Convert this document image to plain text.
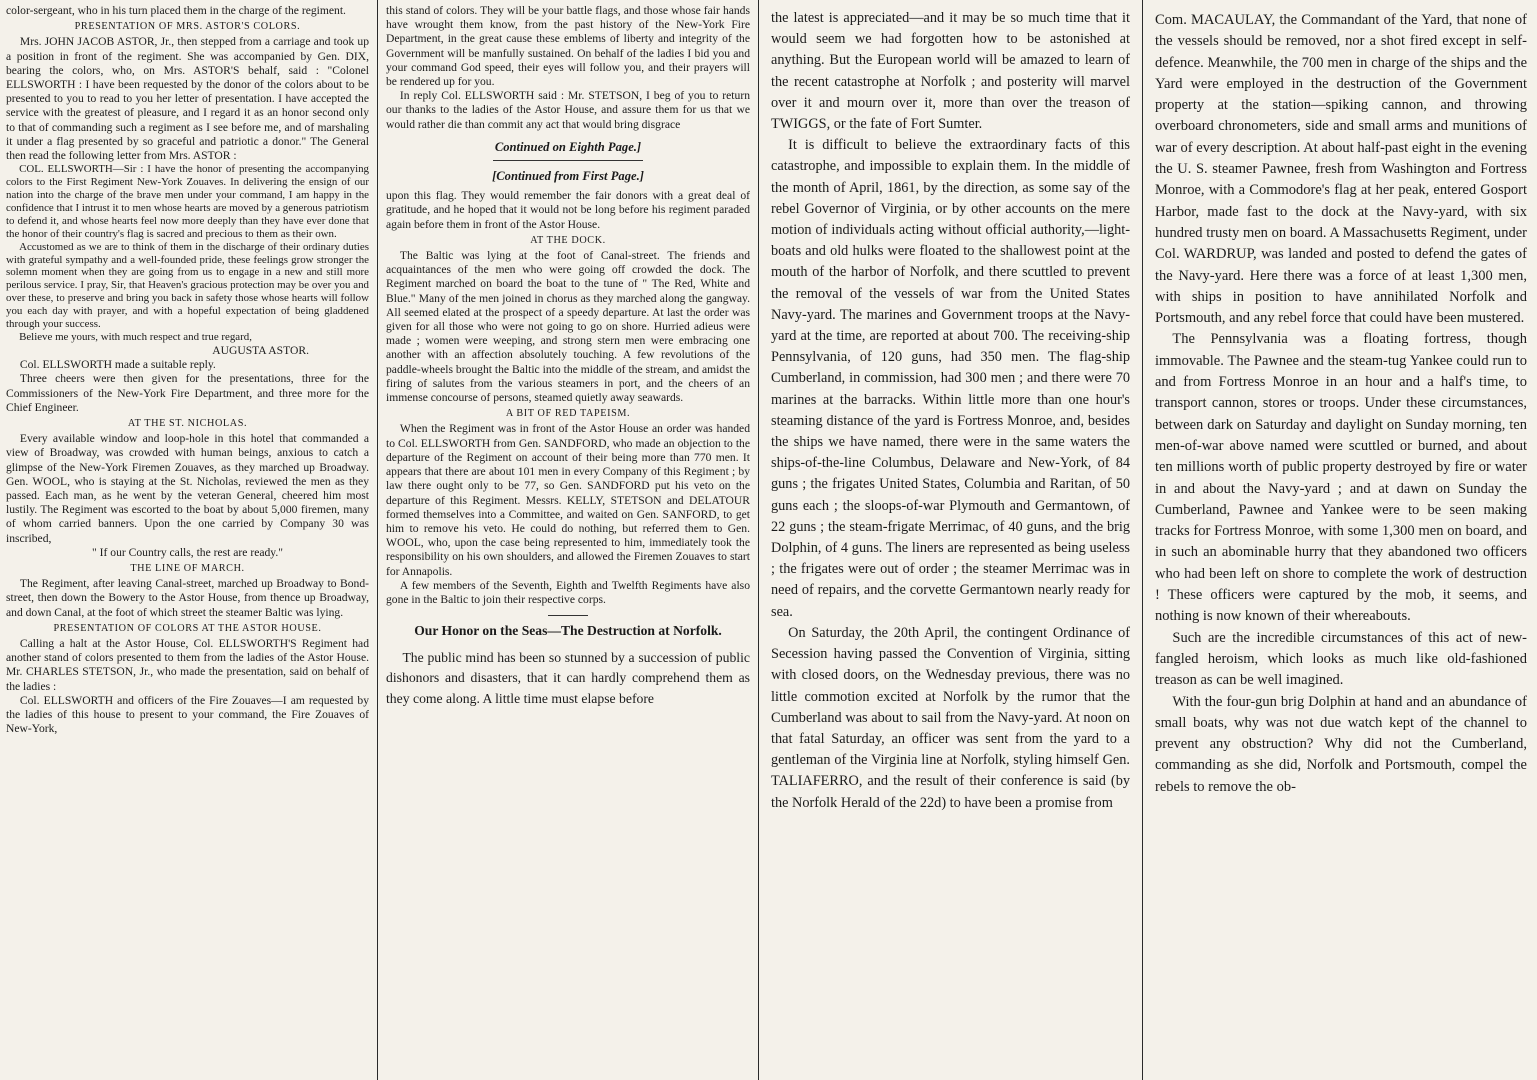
color-sergeant, who in his turn placed them in the charge of the regiment.

PRESENTATION OF MRS. ASTOR'S COLORS.

Mrs. JOHN JACOB ASTOR, Jr., then stepped from a carriage and took up a position in front of the regiment. She was accompanied by Gen. DIX, bearing the colors, who, on Mrs. ASTOR'S behalf, said : "Colonel ELLSWORTH : I have been requested by the donor of the colors about to be presented to you to read to you her letter of presentation. I have accepted the service with the greatest of pleasure, and I regard it as an honor second only to that of commanding such a regiment as I see before me, and of marshaling it under a flag presented by so graceful and patriotic a donor." The General then read the following letter from Mrs. ASTOR :

COL. ELLSWORTH—Sir : I have the honor of presenting the accompanying colors to the First Regiment New-York Zouaves. In delivering the ensign of our nation into the charge of the brave men under your command, I am happy in the confidence that I intrust it to men whose hearts are moved by a generous patriotism to defend it, and whose hearts feel now more deeply than they have ever done that the honor of their country's flag is sacred and precious to them as their own.

Accustomed as we are to think of them in the discharge of their ordinary duties with grateful sympathy and a well-founded pride, these feelings grow stronger the solemn moment when they are going from us to engage in a new and still more perilous service. I pray, Sir, that Heaven's gracious protection may be over you and over these, to preserve and bring you back in safety those whose hearts will follow you each day with prayer, and with a hopeful expectation of being gladdened through your success.

Believe me yours, with much respect and true regard,

AUGUSTA ASTOR.

Col. ELLSWORTH made a suitable reply.

Three cheers were then given for the presentations, three for the Commissioners of the New-York Fire Department, and three more for the Chief Engineer.

AT THE ST. NICHOLAS.

Every available window and loop-hole in this hotel that commanded a view of Broadway, was crowded with human beings, anxious to catch a glimpse of the New-York Firemen Zouaves, as they marched up Broadway. Gen. WOOL, who is staying at the St. Nicholas, reviewed the men as they passed. Each man, as he went by the veteran General, cheered him most lustily. The Regiment was escorted to the boat by about 5,000 firemen, many of whom carried banners. Upon the one carried by Company 30 was inscribed,

" If our Country calls, the rest are ready."

THE LINE OF MARCH.

The Regiment, after leaving Canal-street, marched up Broadway to Bond-street, then down the Bowery to the Astor House, from thence up Broadway, and down Canal, at the foot of which street the steamer Baltic was lying.

PRESENTATION OF COLORS AT THE ASTOR HOUSE.

Calling a halt at the Astor House, Col. ELLSWORTH'S Regiment had another stand of colors presented to them from the ladies of the Astor House. Mr. CHARLES STETSON, Jr., who made the presentation, said on behalf of the ladies :

Col. ELLSWORTH and officers of the Fire Zouaves—I am requested by the ladies of this house to present to your command, the Fire Zouaves of New-York,

this stand of colors. They will be your battle flags, and those whose fair hands have wrought them know, from the past history of the New-York Fire Department, in the great cause these emblems of liberty and integrity of the Government will be manfully sustained. On behalf of the ladies I bid you and your command God speed, their eyes will follow you, and their prayers will be rendered up for you.

In reply Col. ELLSWORTH said : Mr. STETSON, I beg of you to return our thanks to the ladies of the Astor House, and assure them for us that we would rather die than commit any act that would bring disgrace

Continued on Eighth Page.]

[Continued from First Page.]

upon this flag. They would remember the fair donors with a great deal of gratitude, and he hoped that it would not be long before his regiment paraded again before them in front of the Astor House.

AT THE DOCK.

The Baltic was lying at the foot of Canal-street. The friends and acquaintances of the men who were going off crowded the dock. The Regiment marched on board the boat to the tune of " The Red, White and Blue." Many of the men joined in chorus as they marched along the gangway. All seemed elated at the prospect of a speedy departure. At last the order was given for all those who were not going to go on shore. Hurried adieus were made ; women were weeping, and strong stern men were embracing one another with an affection absolutely touching. A few revolutions of the paddle-wheels brought the Baltic into the middle of the stream, and amidst the firing of salutes from the various steamers in port, and the cheers of an immense concourse of persons, steamed quietly away seawards.

A BIT OF RED TAPEISM.

When the Regiment was in front of the Astor House an order was handed to Col. ELLSWORTH from Gen. SANDFORD, who made an objection to the departure of the Regiment on account of their being more than 770 men. It appears that there are about 101 men in every Company of this Regiment ; by law there ought only to be 77, so Gen. SANDFORD put his veto on the departure of this Regiment. Messrs. KELLY, STETSON and DELATOUR formed themselves into a Committee, and waited on Gen. SANFORD, to get him to remove his veto. He could do nothing, but referred them to Gen. WOOL, who, upon the case being represented to him, immediately took the responsibility on his own shoulders, and allowed the Firemen Zouaves to start for Annapolis.

A few members of the Seventh, Eighth and Twelfth Regiments have also gone in the Baltic to join their respective corps.

Our Honor on the Seas—The Destruction at Norfolk.

The public mind has been so stunned by a succession of public dishonors and disasters, that it can hardly comprehend them as they come along. A little time must elapse before

the latest is appreciated—and it may be so much time that it would seem we had forgotten how to be astonished at anything. But the European world will be amazed to learn of the recent catastrophe at Norfolk ; and posterity will marvel over it and mourn over it, more than over the treason of TWIGGS, or the fate of Fort Sumter.

It is difficult to believe the extraordinary facts of this catastrophe, and impossible to explain them. In the middle of the month of April, 1861, by the direction, as some say of the rebel Governor of Virginia, or by other accounts on the mere motion of individuals acting without official authority,—light-boats and old hulks were floated to the shallowest point at the mouth of the harbor of Norfolk, and there scuttled to prevent the removal of the vessels of war from the United States Navy-yard. The marines and Government troops at the Navy-yard at the time, are reported at about 700. The receiving-ship Pennsylvania, of 120 guns, had 350 men. The flag-ship Cumberland, in commission, had 300 men ; and there were 70 marines at the barracks. Within little more than one hour's steaming distance of the yard is Fortress Monroe, and, besides the ships we have named, there were in the same waters the ships-of-the-line Columbus, Delaware and New-York, of 84 guns ; the frigates United States, Columbia and Raritan, of 50 guns each ; the sloops-of-war Plymouth and Germantown, of 22 guns ; the steam-frigate Merrimac, of 40 guns, and the brig Dolphin, of 4 guns. The liners are represented as being useless ; the frigates were out of order ; the steamer Merrimac was in need of repairs, and the corvette Germantown nearly ready for sea.

On Saturday, the 20th April, the contingent Ordinance of Secession having passed the Convention of Virginia, sitting with closed doors, on the Wednesday previous, there was no little commotion excited at Norfolk by the rumor that the Cumberland was about to sail from the Navy-yard. At noon on that fatal Saturday, an officer was sent from the yard to a gentleman of the Virginia line at Norfolk, styling himself Gen. TALIAFERRO, and the result of their conference is said (by the Norfolk Herald of the 22d) to have been a promise from

Com. MACAULAY, the Commandant of the Yard, that none of the vessels should be removed, nor a shot fired except in self-defence. Meanwhile, the 700 men in charge of the ships and the Yard were employed in the destruction of the Government property at the station—spiking cannon, and throwing overboard chronometers, side and small arms and munitions of war of every description. At about half-past eight in the evening the U. S. steamer Pawnee, fresh from Washington and Fortress Monroe, with a Commodore's flag at her peak, entered Gosport Harbor, made fast to the dock at the Navy-yard, with six hundred trusty men on board. A Massachusetts Regiment, under Col. WARDRUP, was landed and posted to defend the gates of the Navy-yard. Here there was a force of at least 1,300 men, with ships in position to have annihilated Norfolk and Portsmouth, and any rebel force that could have been mustered.

The Pennsylvania was a floating fortress, though immovable. The Pawnee and the steam-tug Yankee could run to and from Fortress Monroe in an hour and a half's time, to transport cannon, stores or troops. Under these circumstances, between dark on Saturday and daylight on Sunday morning, ten men-of-war above named were scuttled or burned, and about ten millions worth of public property destroyed by fire or water in and about the Navy-yard ; and at dawn on Sunday the Cumberland, Pawnee and Yankee were to be seen making tracks for Fortress Monroe, with some 1,300 men on board, and in such an abominable hurry that they abandoned two officers who had been left on shore to complete the work of destruction ! These officers were captured by the mob, it seems, and nothing is now known of their whereabouts.

Such are the incredible circumstances of this act of new-fangled heroism, which looks as much like old-fashioned treason as can be well imagined.

With the four-gun brig Dolphin at hand and an abundance of small boats, why was not due watch kept of the channel to prevent any obstruction? Why did not the Cumberland, commanding as she did, Norfolk and Portsmouth, compel the rebels to remove the ob-
